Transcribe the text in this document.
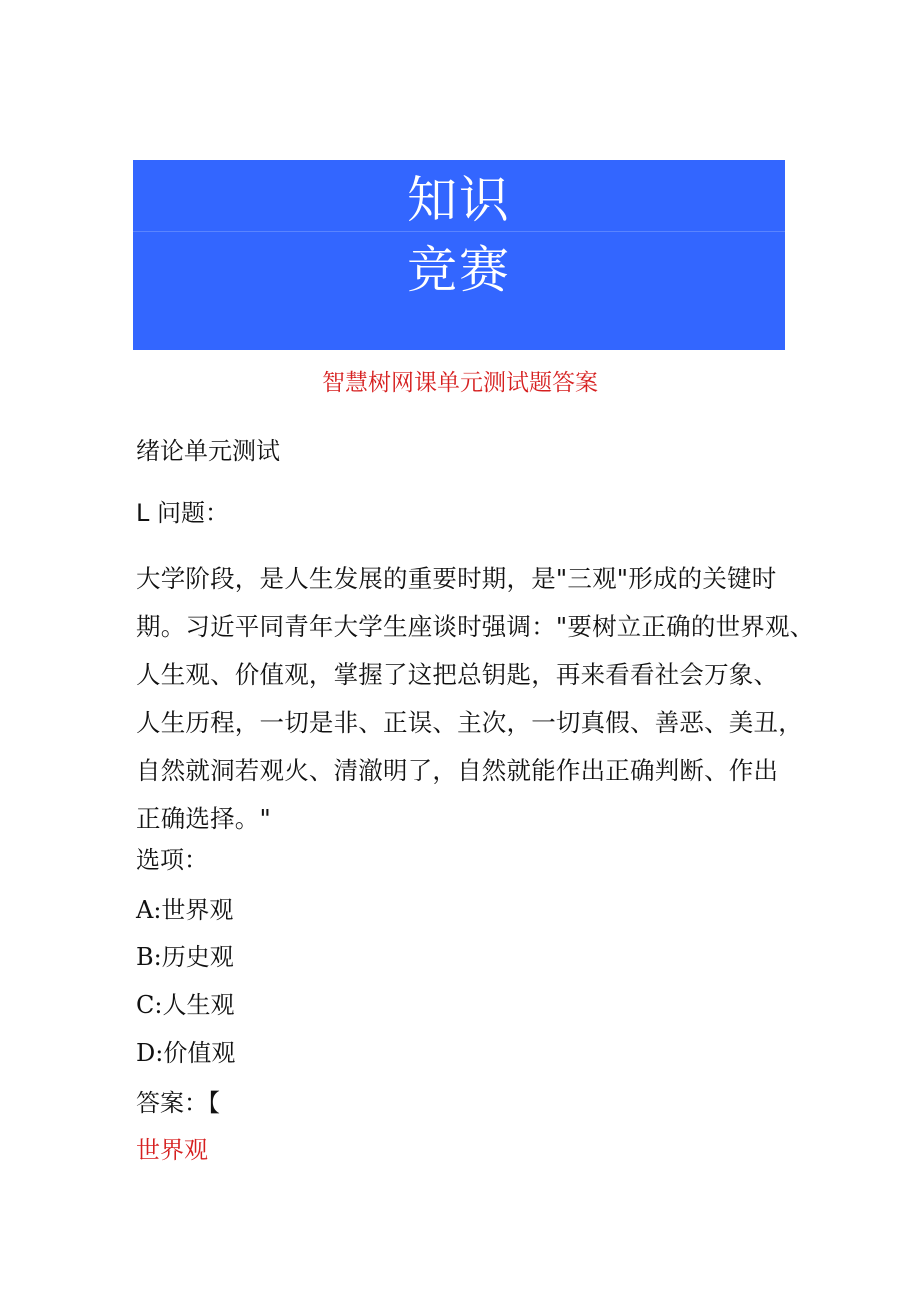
知识
竞赛
智慧树网课单元测试题答案
绪论单元测试
L 问题：
大学阶段，是人生发展的重要时期，是"三观"形成的关键时
期。习近平同青年大学生座谈时强调："要树立正确的世界观、
人生观、价值观，掌握了这把总钥匙，再来看看社会万象、
人生历程，一切是非、正误、主次，一切真假、善恶、美丑，
自然就洞若观火、清澈明了，自然就能作出正确判断、作出
正确选择。"
选项：
A:世界观
B:历史观
C:人生观
D:价值观
答案：【
世界观
